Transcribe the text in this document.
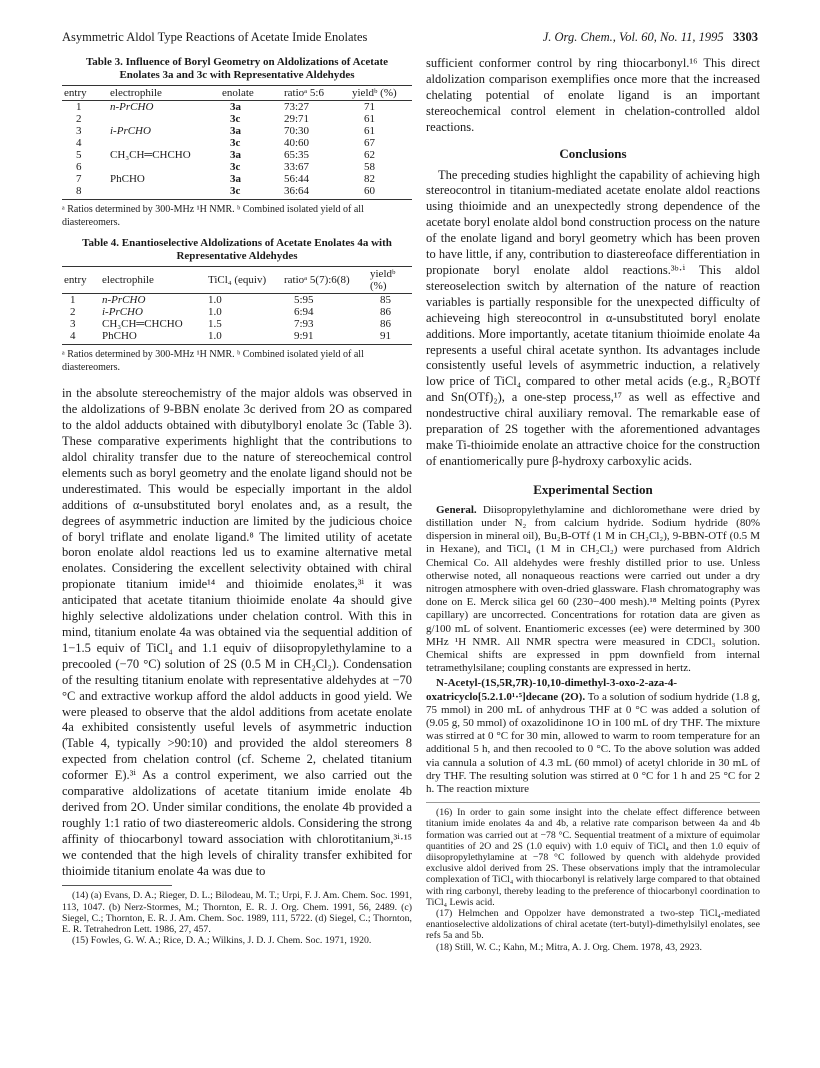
Asymmetric Aldol Type Reactions of Acetate Imide Enolates	J. Org. Chem., Vol. 60, No. 11, 1995 3303
Table 3. Influence of Boryl Geometry on Aldolizations of Acetate Enolates 3a and 3c with Representative Aldehydes
entry	electrophile	enolate	ratioᵃ 5:6	yieldᵇ (%)
1	n-PrCHO	3a	73:27	71
2		3c	29:71	61
3	i-PrCHO	3a	70:30	61
4		3c	40:60	67
5	CH₃CH═CHCHO	3a	65:35	62
6		3c	33:67	58
7	PhCHO	3a	56:44	82
8		3c	36:64	60
ᵃ Ratios determined by 300-MHz ¹H NMR. ᵇ Combined isolated yield of all diastereomers.
Table 4. Enantioselective Aldolizations of Acetate Enolates 4a with Representative Aldehydes
entry	electrophile	TiCl₄ (equiv)	ratioᵃ 5(7):6(8)	yieldᵇ (%)
1	n-PrCHO	1.0	5:95	85
2	i-PrCHO	1.0	6:94	86
3	CH₃CH═CHCHO	1.5	7:93	86
4	PhCHO	1.0	9:91	91
ᵃ Ratios determined by 300-MHz ¹H NMR. ᵇ Combined isolated yield of all diastereomers.
in the absolute stereochemistry of the major aldols was observed in the aldolizations of 9-BBN enolate 3c derived from 2O as compared to the aldol adducts obtained with dibutylboryl enolate 3c (Table 3). These comparative experiments highlight that the contributions to aldol chirality transfer due to the nature of stereochemical control elements such as boryl geometry and the enolate ligand should not be underestimated. This would be especially important in the aldol additions of α-unsubstituted boryl enolates and, as a result, the degrees of asymmetric induction are limited by the judicious choice of boryl triflate and enolate ligand.⁸ The limited utility of acetate boron enolate aldol reactions led us to examine alternative metal enolates. Considering the excellent selectivity obtained with chiral propionate titanium imide¹⁴ and thioimide enolates,³ⁱ it was anticipated that acetate titanium thioimide enolate 4a should give highly selective aldolizations under chelation control. With this in mind, titanium enolate 4a was obtained via the sequential addition of 1−1.5 equiv of TiCl₄ and 1.1 equiv of diisopropylethylamine to a precooled (−70 °C) solution of 2S (0.5 M in CH₂Cl₂). Condensation of the resulting titanium enolate with representative aldehydes at −70 °C and extractive workup afford the aldol adducts in good yield. We were pleased to observe that the aldol additions from acetate enolate 4a exhibited consistently useful levels of asymmetric induction (Table 4, typically >90:10) and provided the aldol stereomers 8 expected from chelation control (cf. Scheme 2, chelated titanium coformer E).³ⁱ As a control experiment, we also carried out the comparative aldolizations of acetate titanium imide enolate 4b derived from 2O. Under similar conditions, the enolate 4b provided a roughly 1:1 ratio of two diastereomeric aldols. Considering the strong affinity of thiocarbonyl toward association with chlorotitanium,³ⁱ·¹⁵ we contended that the high levels of chirality transfer exhibited for thioimide titanium enolate 4a was due to
(14) (a) Evans, D. A.; Rieger, D. L.; Bilodeau, M. T.; Urpi, F. J. Am. Chem. Soc. 1991, 113, 1047. (b) Nerz-Stormes, M.; Thornton, E. R. J. Org. Chem. 1991, 56, 2489. (c) Siegel, C.; Thornton, E. R. J. Am. Chem. Soc. 1989, 111, 5722. (d) Siegel, C.; Thornton, E. R. Tetrahedron Lett. 1986, 27, 457.
(15) Fowles, G. W. A.; Rice, D. A.; Wilkins, J. D. J. Chem. Soc. 1971, 1920.
sufficient conformer control by ring thiocarbonyl.¹⁶ This direct aldolization comparison exemplifies once more that the increased chelating potential of enolate ligand is an important stereochemical control element in chelation-controlled aldol reactions.
Conclusions
The preceding studies highlight the capability of achieving high stereocontrol in titanium-mediated acetate enolate aldol reactions using thioimide and an unexpectedly strong dependence of the acetate boryl enolate aldol bond construction process on the nature of the enolate ligand and boryl geometry which has been proven to have little, if any, contribution to diastereoface differentiation in propionate boryl enolate aldol reactions.³ᵇ·ⁱ This aldol stereoselection switch by alternation of the nature of reaction variables is partially responsible for the unexpected difficulty of achieveing high stereocontrol in α-unsubstituted boryl enolate additions. More importantly, acetate titanium thioimide enolate 4a represents a useful chiral acetate synthon. Its advantages include consistently useful levels of asymmetric induction, a relatively low price of TiCl₄ compared to other metal acids (e.g., R₂BOTf and Sn(OTf)₂), a one-step process,¹⁷ as well as effective and nondestructive chiral auxiliary removal. The remarkable ease of preparation of 2S together with the aforementioned advantages make Ti-thioimide enolate an attractive choice for the construction of enantiomerically pure β-hydroxy carboxylic acids.
Experimental Section
General. Diisopropylethylamine and dichloromethane were dried by distillation under N₂ from calcium hydride. Sodium hydride (80% dispersion in mineral oil), Bu₂B-OTf (1 M in CH₂Cl₂), 9-BBN-OTf (0.5 M in Hexane), and TiCl₄ (1 M in CH₂Cl₂) were purchased from Aldrich Chemical Co. All aldehydes were freshly distilled prior to use. Unless otherwise noted, all nonaqueous reactions were carried out under a dry nitrogen atmosphere with oven-dried glassware. Flash chromatography was done on E. Merck silica gel 60 (230−400 mesh).¹⁸ Melting points (Pyrex capillary) are uncorrected. Concentrations for rotation data are given as g/100 mL of solvent. Enantiomeric excesses (ee) were determined by 300 MHz ¹H NMR. All NMR spectra were measured in CDCl₃ solution. Chemical shifts are expressed in ppm downfield from internal tetramethylsilane; coupling constants are expressed in hertz.
N-Acetyl-(1S,5R,7R)-10,10-dimethyl-3-oxo-2-aza-4-oxatricyclo[5.2.1.0¹·⁵]decane (2O). To a solution of sodium hydride (1.8 g, 75 mmol) in 200 mL of anhydrous THF at 0 °C was added a solution of (9.05 g, 50 mmol) of oxazolidinone 1O in 100 mL of dry THF. The mixture was stirred at 0 °C for 30 min, allowed to warm to room temperature for an additional 5 h, and then recooled to 0 °C. To the above solution was added via cannula a solution of 4.3 mL (60 mmol) of acetyl chloride in 30 mL of dry THF. The resulting solution was stirred at 0 °C for 1 h and 25 °C for 2 h. The reaction mixture
(16) In order to gain some insight into the chelate effect difference between titanium imide enolates 4a and 4b, a relative rate comparison between 4a and 4b formation was carried out at −78 °C. Sequential treatment of a mixture of equimolar quantities of 2O and 2S (1.0 equiv) with 1.0 equiv of TiCl₄ and then 1.0 equiv of diisopropylethylamine at −78 °C followed by quench with aldehyde provided exclusive aldol derived from 2S. These observations imply that the intramolecular complexation of TiCl₄ with thiocarbonyl is relatively large compared to that obtained with ring carbonyl, thereby leading to the preference of thiocarbonyl coordination to TiCl₄ Lewis acid.
(17) Helmchen and Oppolzer have demonstrated a two-step TiCl₄-mediated enantioselective aldolizations of chiral acetate (tert-butyl)-dimethylsilyl enolates, see refs 5a and 5b.
(18) Still, W. C.; Kahn, M.; Mitra, A. J. Org. Chem. 1978, 43, 2923.
